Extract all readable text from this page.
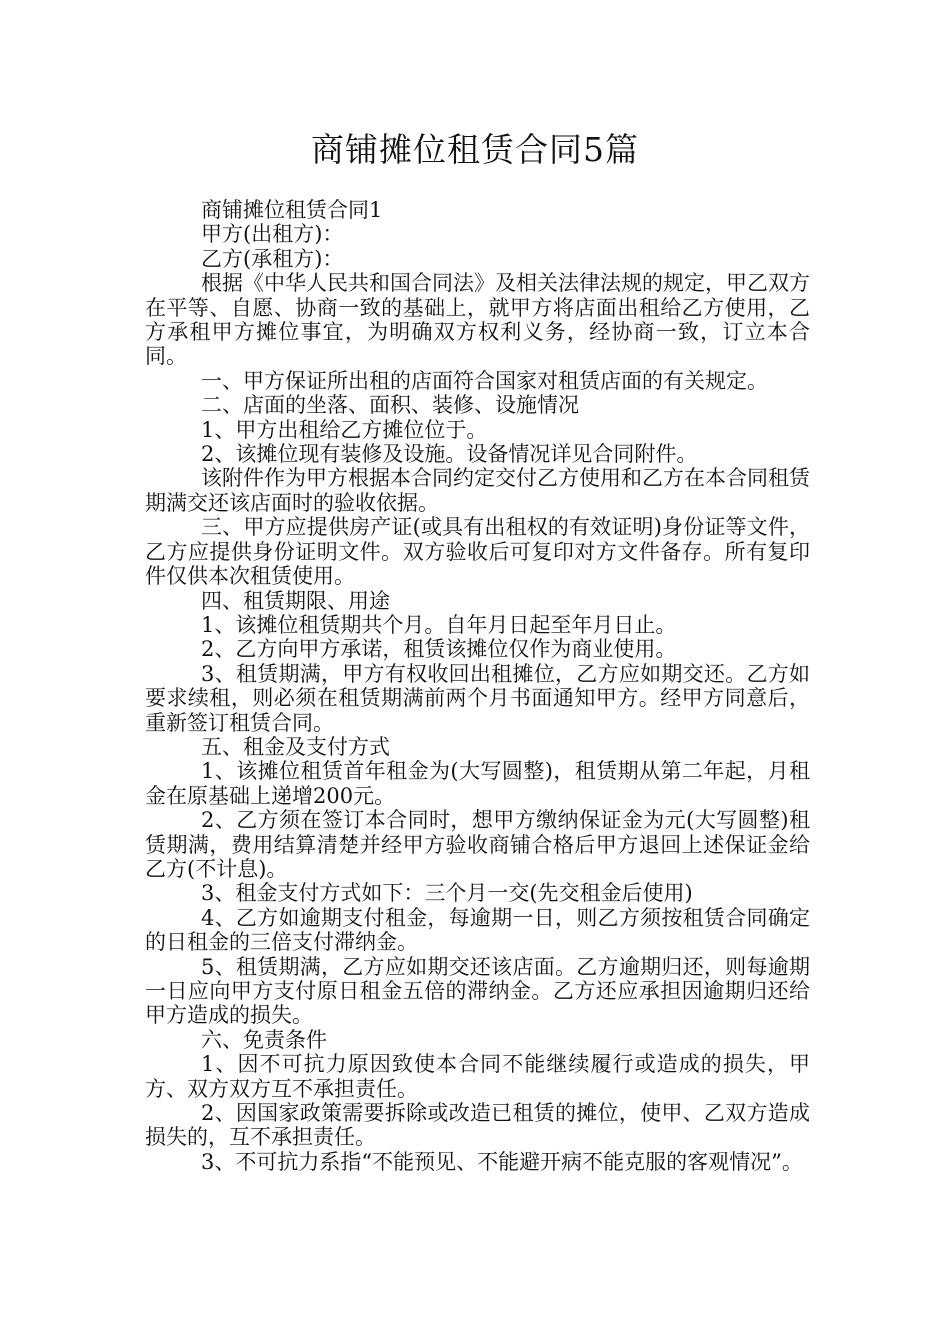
商铺摊位租赁合同5篇

商铺摊位租赁合同1

甲方(出租方)：

乙方(承租方)：

根据《中华人民共和国合同法》及相关法律法规的规定，甲乙双方在平等、自愿、协商一致的基础上，就甲方将店面出租给乙方使用，乙方承租甲方摊位事宜，为明确双方权利义务，经协商一致，订立本合同。

一、甲方保证所出租的店面符合国家对租赁店面的有关规定。

二、店面的坐落、面积、装修、设施情况

1、甲方出租给乙方摊位位于。

2、该摊位现有装修及设施。设备情况详见合同附件。

该附件作为甲方根据本合同约定交付乙方使用和乙方在本合同租赁期满交还该店面时的验收依据。

三、甲方应提供房产证(或具有出租权的有效证明)身份证等文件，乙方应提供身份证明文件。双方验收后可复印对方文件备存。所有复印件仅供本次租赁使用。

四、租赁期限、用途

1、该摊位租赁期共个月。自年月日起至年月日止。

2、乙方向甲方承诺，租赁该摊位仅作为商业使用。

3、租赁期满，甲方有权收回出租摊位，乙方应如期交还。乙方如要求续租，则必须在租赁期满前两个月书面通知甲方。经甲方同意后，重新签订租赁合同。

五、租金及支付方式

1、该摊位租赁首年租金为(大写圆整)，租赁期从第二年起，月租金在原基础上递增200元。

2、乙方须在签订本合同时，想甲方缴纳保证金为元(大写圆整)租赁期满，费用结算清楚并经甲方验收商铺合格后甲方退回上述保证金给乙方(不计息)。

3、租金支付方式如下：三个月一交(先交租金后使用)

4、乙方如逾期支付租金，每逾期一日，则乙方须按租赁合同确定的日租金的三倍支付滞纳金。

5、租赁期满，乙方应如期交还该店面。乙方逾期归还，则每逾期一日应向甲方支付原日租金五倍的滞纳金。乙方还应承担因逾期归还给甲方造成的损失。

六、免责条件

1、因不可抗力原因致使本合同不能继续履行或造成的损失，甲方、双方双方互不承担责任。

2、因国家政策需要拆除或改造已租赁的摊位，使甲、乙双方造成损失的，互不承担责任。

3、不可抗力系指“不能预见、不能避开病不能克服的客观情况”。
